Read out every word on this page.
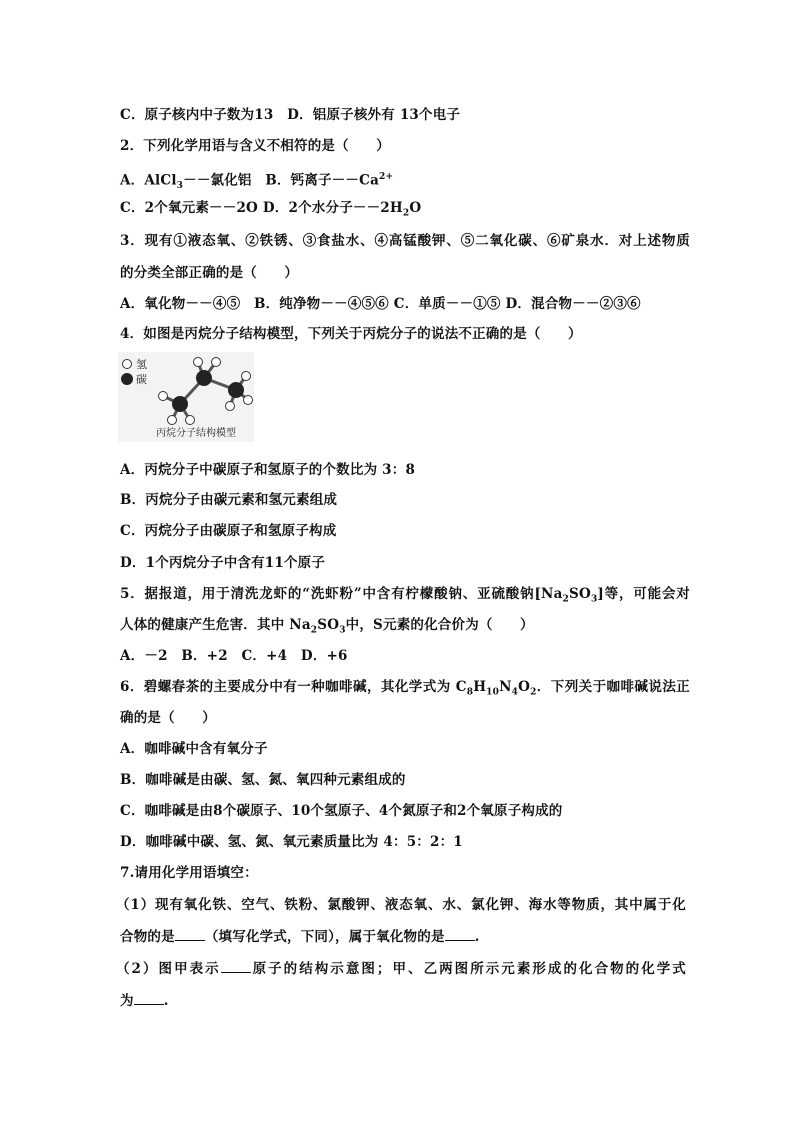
C．原子核内中子数为13　D．铝原子核外有 13个电子
2．下列化学用语与含义不相符的是（　　）
A．AlCl$_3$－－氯化铝　B．钙离子$--Ca^{2+}$
C．2个氧元素－－2O D．2个水分子$--2H_2O$
3．现有①液态氧、②铁锈、③食盐水、④高锰酸钾、⑤二氧化碳、⑥矿泉水．对上述物质
的分类全部正确的是（　　）
A．氧化物－－④⑤　B．纯净物－－④⑤⑥ C．单质－－①⑤ D．混合物－－②③⑥
4．如图是丙烷分子结构模型，下列关于丙烷分子的说法不正确的是（　　）
氢
碳
丙烷分子结构模型
A．丙烷分子中碳原子和氢原子的个数比为 3：8
B．丙烷分子由碳元素和氢元素组成
C．丙烷分子由碳原子和氢原子构成
D．1个丙烷分子中含有11个原子
5．据报道，用于清洗龙虾的“洗虾粉”中含有柠檬酸钠、亚硫酸钠$[Na_2SO_3]$等，可能会对
人体的健康产生危害．其中 $Na_2SO_3$中，S元素的化合价为（　　）
A．－2　B．+2　C．+4　D．+6
6．碧螺春茶的主要成分中有一种咖啡碱，其化学式为 $C_8H_{10}N_4O_2$．下列关于咖啡碱说法正
确的是（　　）
A．咖啡碱中含有氧分子
B．咖啡碱是由碳、氢、氮、氧四种元素组成的
C．咖啡碱是由8个碳原子、10个氢原子、4个氮原子和2个氧原子构成的
D．咖啡碱中碳、氢、氮、氧元素质量比为 4：5：2：1
7.请用化学用语填空：
（1）现有氧化铁、空气、铁粉、氯酸钾、液态氧、水、氯化钾、海水等物质，其中属于化
合物的是 （填写化学式，下同），属于氧化物的是 .
（2）图甲表示 原子的结构示意图；甲、乙两图所示元素形成的化合物的化学式
为 .
